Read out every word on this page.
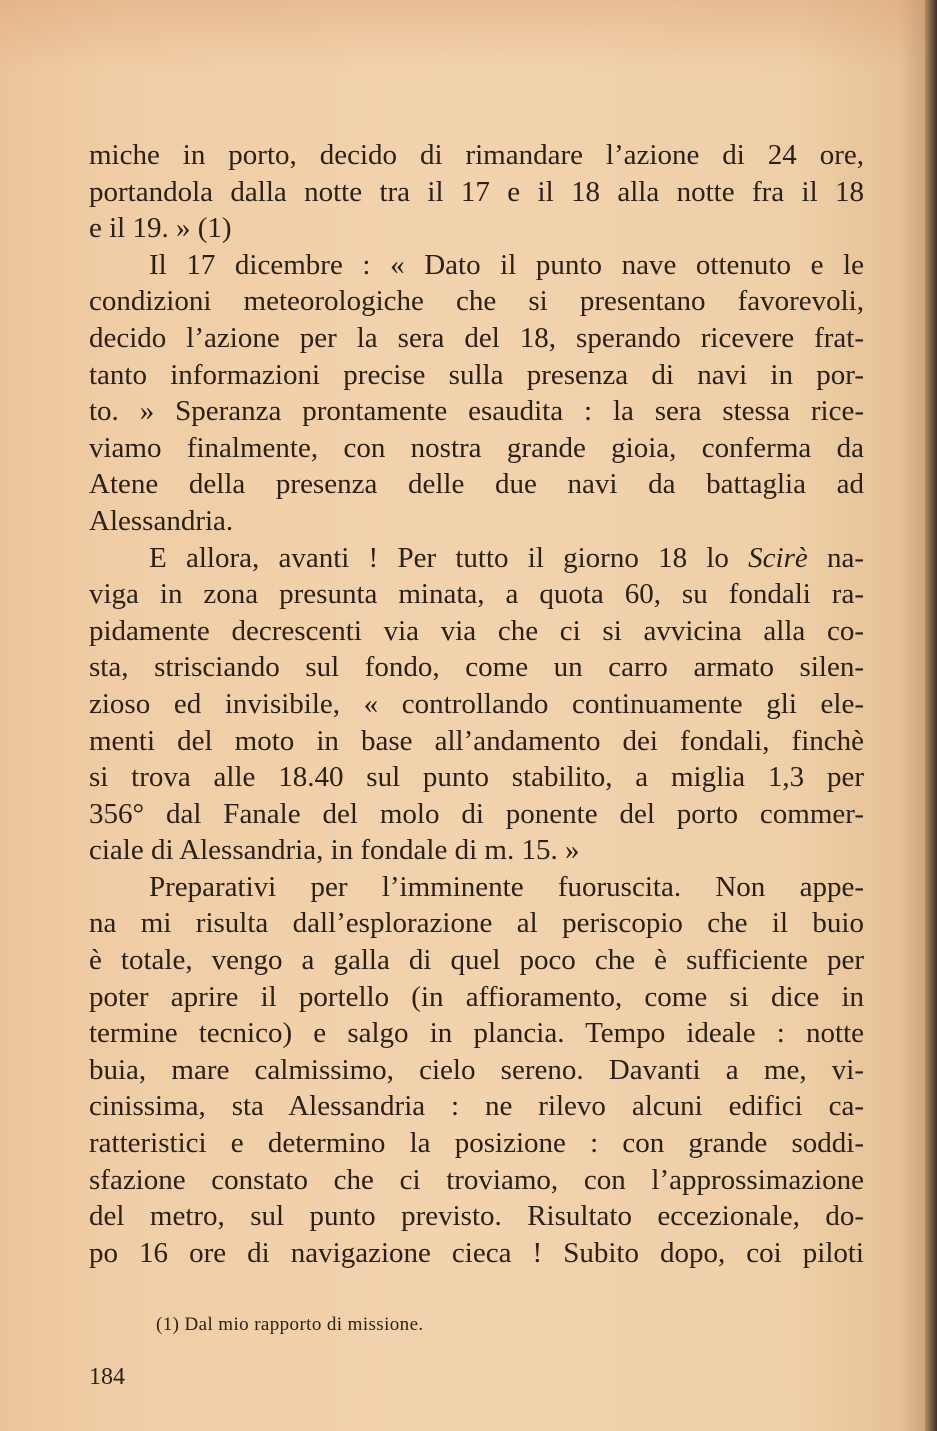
miche in porto, decido di rimandare l’azione di 24 ore,
portandola dalla notte tra il 17 e il 18 alla notte fra il 18
e il 19. » (1)
Il 17 dicembre : « Dato il punto nave ottenuto e le
condizioni meteorologiche che si presentano favorevoli,
decido l’azione per la sera del 18, sperando ricevere frat-
tanto informazioni precise sulla presenza di navi in por-
to. » Speranza prontamente esaudita : la sera stessa rice-
viamo finalmente, con nostra grande gioia, conferma da
Atene della presenza delle due navi da battaglia ad
Alessandria.
E allora, avanti ! Per tutto il giorno 18 lo Scirè na-
viga in zona presunta minata, a quota 60, su fondali ra-
pidamente decrescenti via via che ci si avvicina alla co-
sta, strisciando sul fondo, come un carro armato silen-
zioso ed invisibile, « controllando continuamente gli ele-
menti del moto in base all’andamento dei fondali, finchè
si trova alle 18.40 sul punto stabilito, a miglia 1,3 per
356° dal Fanale del molo di ponente del porto commer-
ciale di Alessandria, in fondale di m. 15. »
Preparativi per l’imminente fuoruscita. Non appe-
na mi risulta dall’esplorazione al periscopio che il buio
è totale, vengo a galla di quel poco che è sufficiente per
poter aprire il portello (in affioramento, come si dice in
termine tecnico) e salgo in plancia. Tempo ideale : notte
buia, mare calmissimo, cielo sereno. Davanti a me, vi-
cinissima, sta Alessandria : ne rilevo alcuni edifici ca-
ratteristici e determino la posizione : con grande soddi-
sfazione constato che ci troviamo, con l’approssimazione
del metro, sul punto previsto. Risultato eccezionale, do-
po 16 ore di navigazione cieca ! Subito dopo, coi piloti
(1) Dal mio rapporto di missione.
184
